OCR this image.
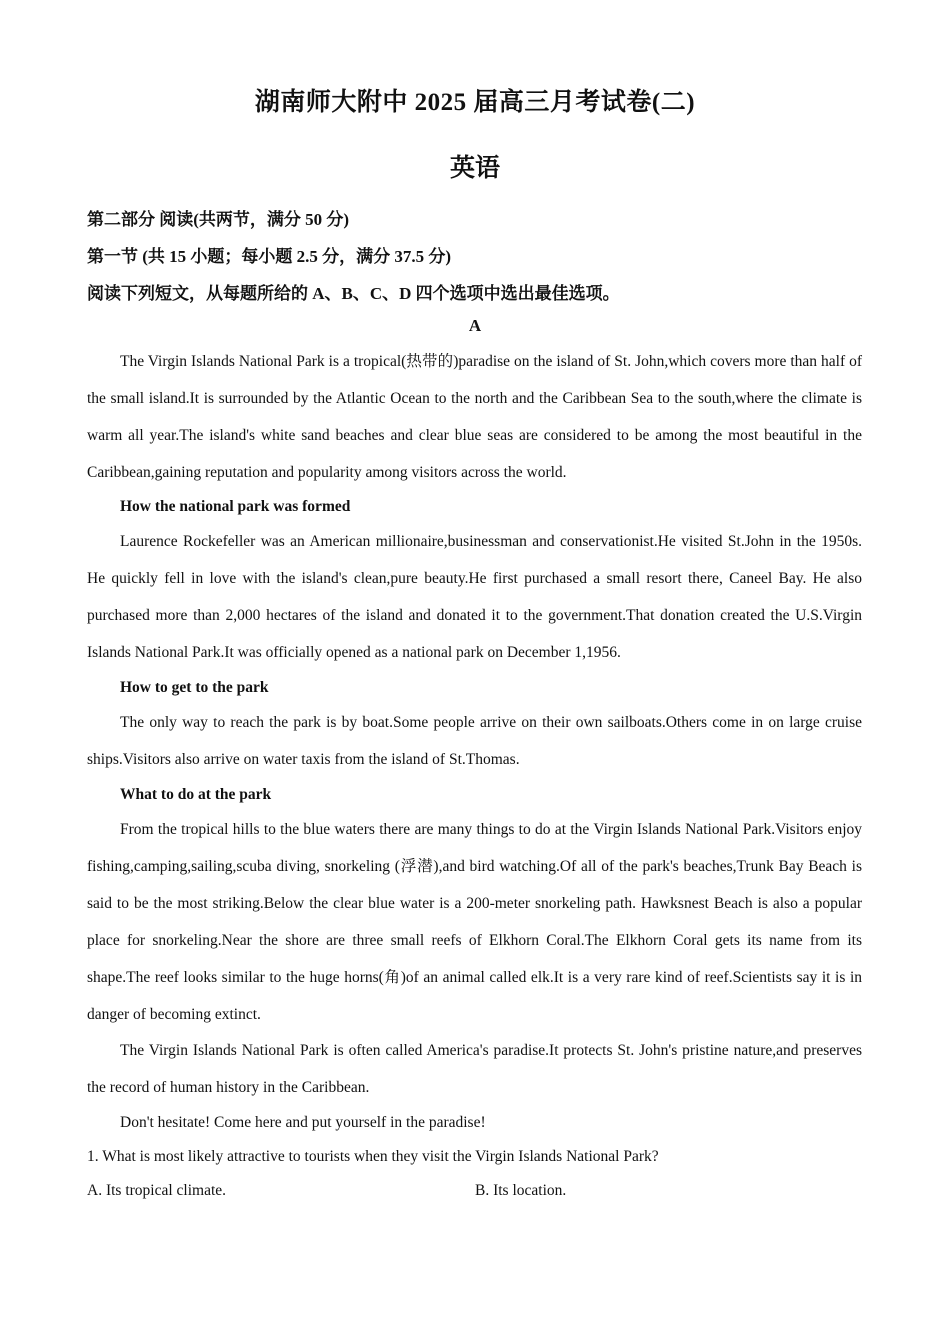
湖南师大附中 2025 届高三月考试卷(二)
英语
第二部分 阅读(共两节，满分 50 分)
第一节 (共 15 小题；每小题 2.5 分，满分 37.5 分)
阅读下列短文，从每题所给的 A、B、C、D 四个选项中选出最佳选项。
A

The Virgin Islands National Park is a tropical(热带的)paradise on the island of St. John,which covers more than half of the small island.It is surrounded by the Atlantic Ocean to the north and the Caribbean Sea to the south,where the climate is warm all year.The island's white sand beaches and clear blue seas are considered to be among the most beautiful in the Caribbean,gaining reputation and popularity among visitors across the world.

How the national park was formed

Laurence Rockefeller was an American millionaire,businessman and conservationist.He visited St.John in the 1950s. He quickly fell in love with the island's clean,pure beauty.He first purchased a small resort there, Caneel Bay. He also purchased more than 2,000 hectares of the island and donated it to the government.That donation created the U.S.Virgin Islands National Park.It was officially opened as a national park on December 1,1956.

How to get to the park

The only way to reach the park is by boat.Some people arrive on their own sailboats.Others come in on large cruise ships.Visitors also arrive on water taxis from the island of St.Thomas.

What to do at the park

From the tropical hills to the blue waters there are many things to do at the Virgin Islands National Park.Visitors enjoy fishing,camping,sailing,scuba diving, snorkeling (浮潜),and bird watching.Of all of the park's beaches,Trunk Bay Beach is said to be the most striking.Below the clear blue water is a 200-meter snorkeling path. Hawksnest Beach is also a popular place for snorkeling.Near the shore are three small reefs of Elkhorn Coral.The Elkhorn Coral gets its name from its shape.The reef looks similar to the huge horns(角)of an animal called elk.It is a very rare kind of reef.Scientists say it is in danger of becoming extinct.

The Virgin Islands National Park is often called America's paradise.It protects St. John's pristine nature,and preserves the record of human history in the Caribbean.

Don't hesitate! Come here and put yourself in the paradise!

1. What is most likely attractive to tourists when they visit the Virgin Islands National Park?
A. Its tropical climate.	B. Its location.
